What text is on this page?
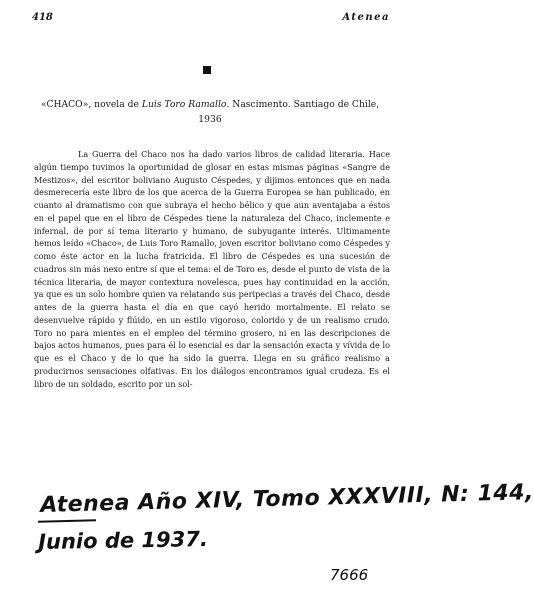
418	Atenea
«CHACO», novela de Luis Toro Ramallo. Nascimento. Santiago de Chile, 1936

La Guerra del Chaco nos ha dado varios libros de calidad literaria. Hace algún tiempo tuvimos la oportunidad de glosar en estas mismas páginas «Sangre de Mestizos», del escritor boliviano Augusto Céspedes, y dijimos entonces que en nada desmerecería este libro de los que acerca de la Guerra Europea se han publicado, en cuanto al dramatismo con que subraya el hecho bélico y que aun aventajaba a éstos en el papel que en el libro de Céspedes tiene la naturaleza del Chaco, inclemente e infernal, de por sí tema literario y humano, de subyugante interés. Ultimamente hemos leído «Chaco», de Luis Toro Ramallo, joven escritor boliviano como Céspedes y como éste actor en la lucha fratricida. El libro de Céspedes es una sucesión de cuadros sin más nexo entre sí que el tema: el de Toro es, desde el punto de vista de la técnica literaria, de mayor contextura novelesca, pues hay continuidad en la acción, ya que es un solo hombre quien va relatando sus peripecias a través del Chaco, desde antes de la guerra hasta el día en que cayó herido mortalmente. El relato se desenvuelve rápido y flúido, en un estilo vigoroso, colorido y de un realismo crudo. Toro no para mientes en el empleo del término grosero, ni en las descripciones de bajos actos humanos, pues para él lo esencial es dar la sensación exacta y vívida de lo que es el Chaco y de lo que ha sido la guerra. Llega en su gráfico realismo a producirnos sensaciones olfativas. En los diálogos encontramos igual crudeza. Es el libro de un soldado, escrito por un sol-

Atenea Año XIV, Tomo XXXVIII, N: 144,
Junio de 1937.
7666
